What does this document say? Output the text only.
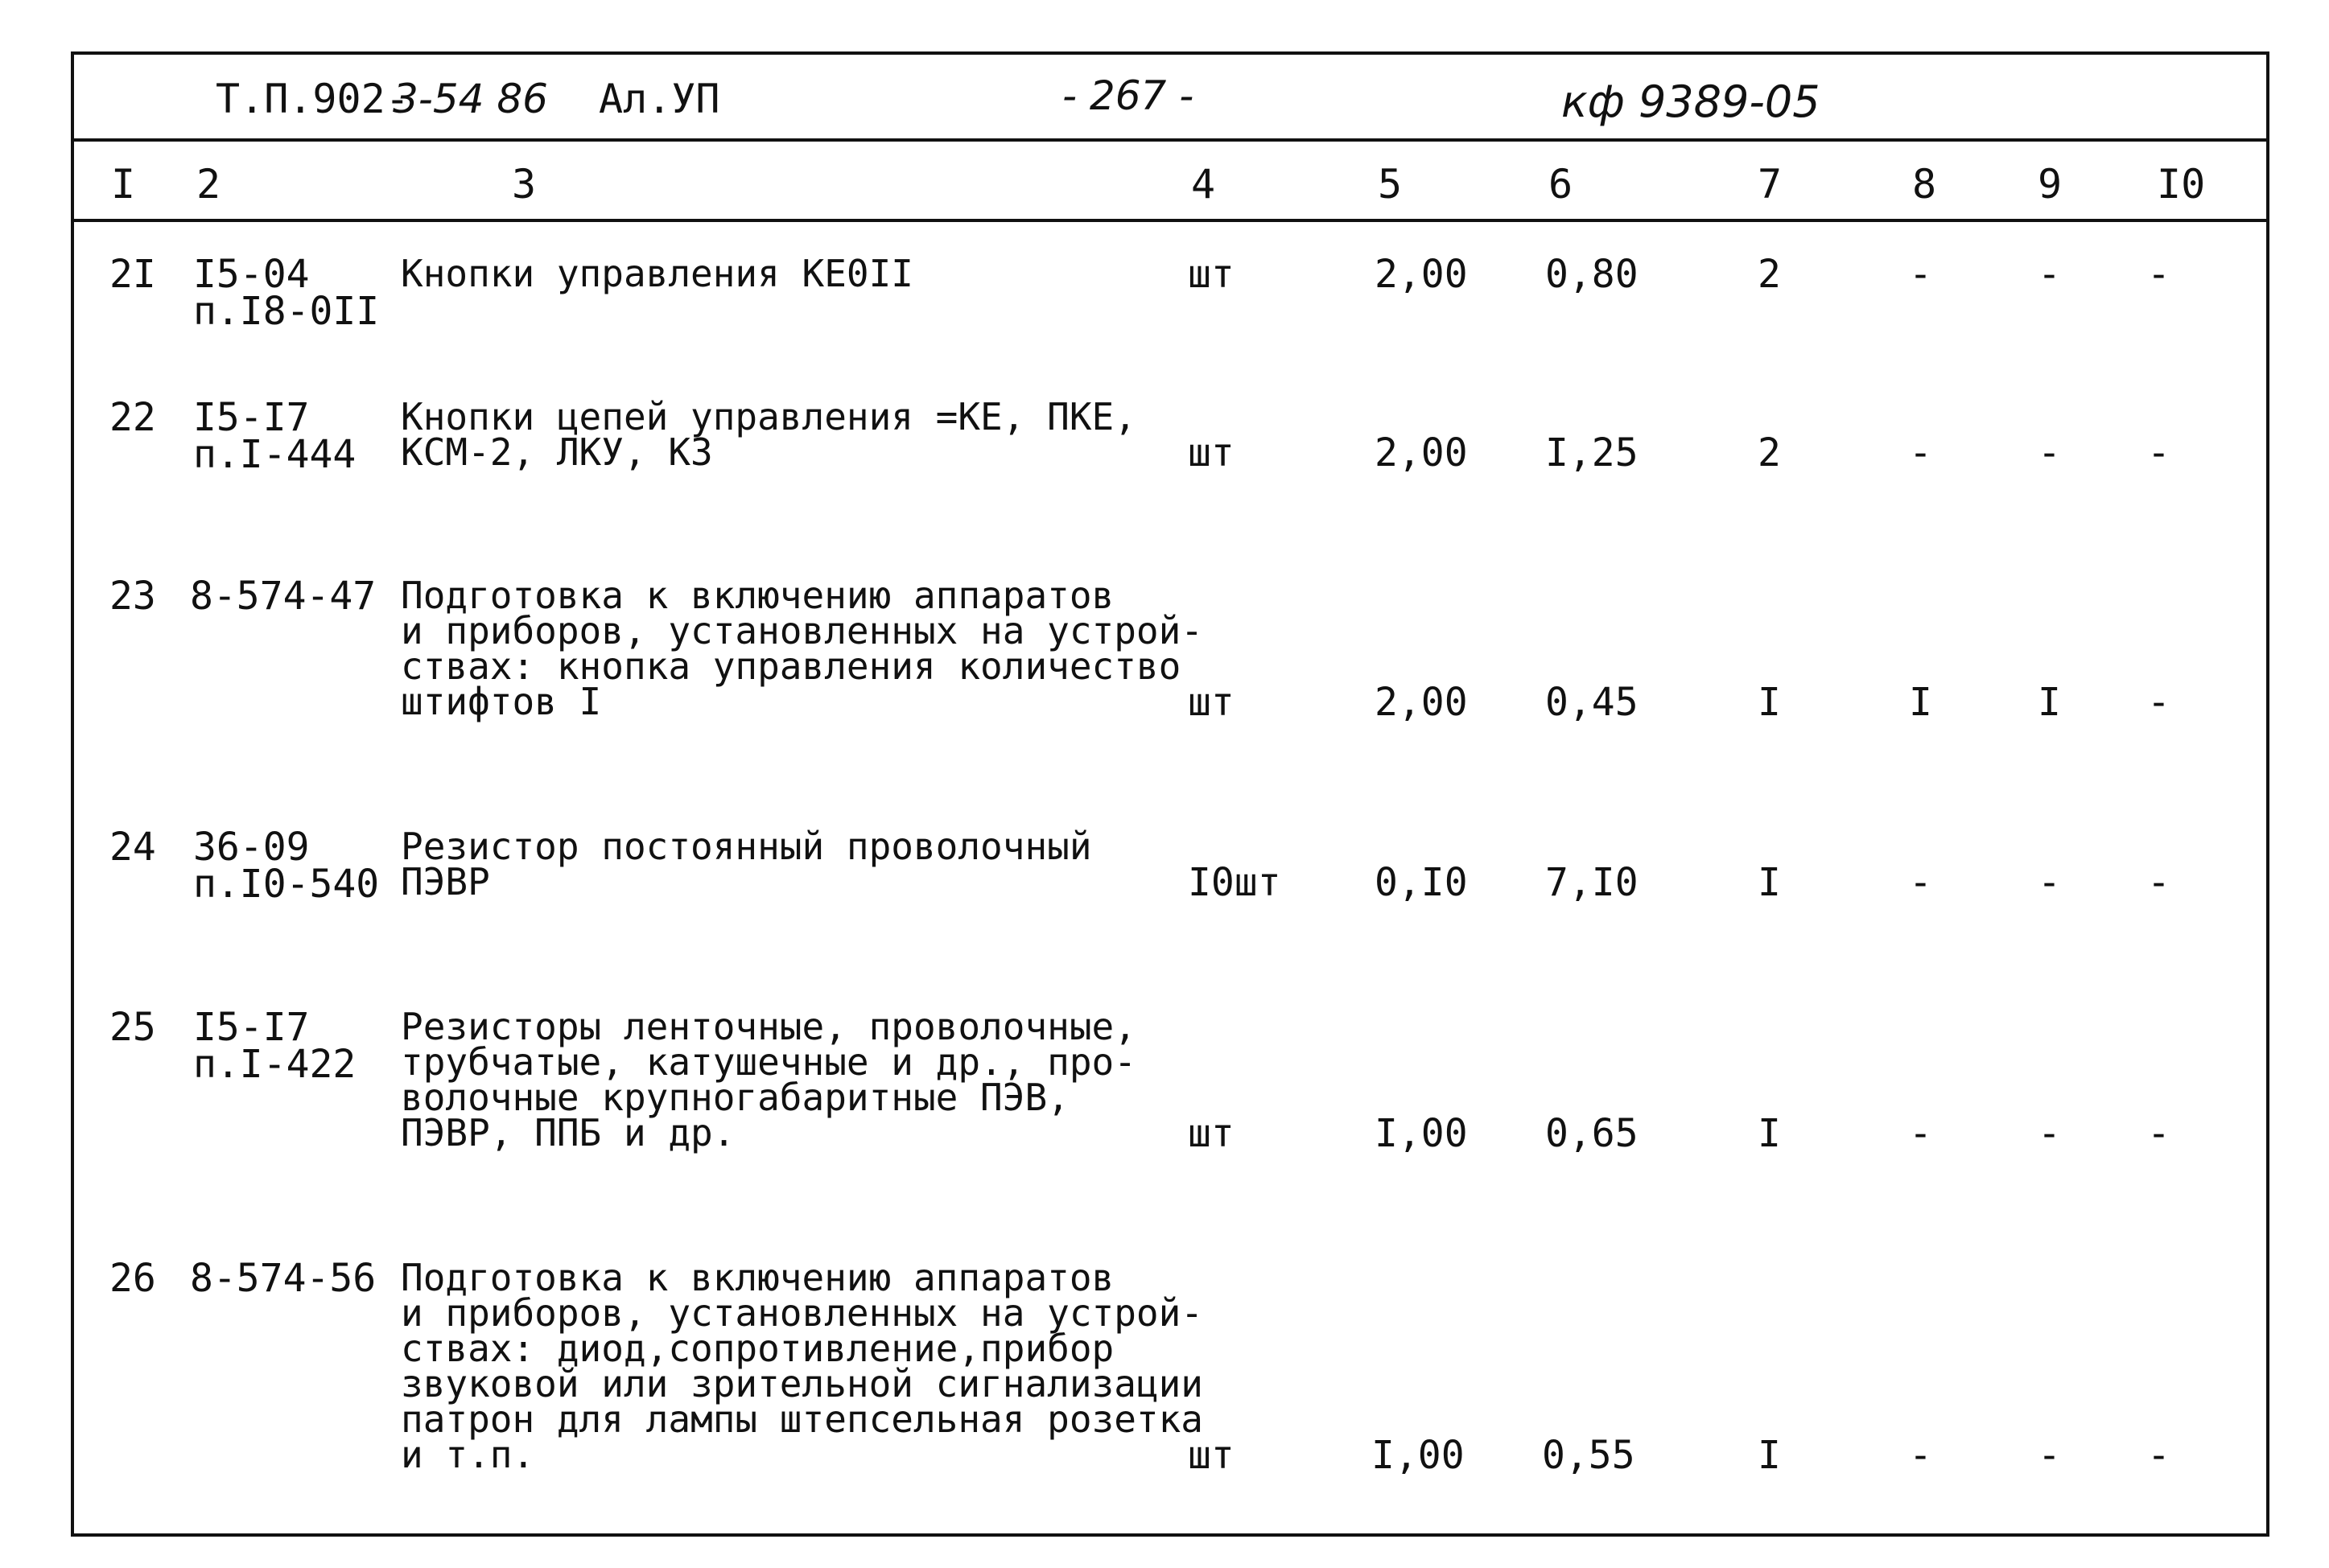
Т.П.902-
3-54 86 Ал.УП	- 267 -	кф 9389-05
I 2	3	4	5	6	7	8	9 I0
2I I5-04
п.I8-0II
Кнопки управления КЕ0II	шт	2,00 0,80	2	-	- -
22 I5-I7
п.I-444
Кнопки цепей управления =КЕ, ПКЕ,
КСМ-2, ЛКУ, КЗ	шт	2,00 I,25	2	-	- -
23 8-574-47 Подготовка к включению аппаратов
и приборов, установленных на устрой-
ствах: кнопка управления количество
штифтов I	шт	2,00 0,45	I	I	I -
24 36-09
п.I0-540
Резистор постоянный проволочный
ПЭВР	I0шт 0,I0 7,I0	I	-	- -
25 I5-I7
п.I-422
Резисторы ленточные, проволочные,
трубчатые, катушечные и др., про-
волочные крупногабаритные ПЭВ,
ПЭВР, ППБ и др.	шт	I,00 0,65	I	-	- -
26 8-574-56 Подготовка к включению аппаратов
и приборов, установленных на устрой-
ствах: диод,сопротивление,прибор
звуковой или зрительной сигнализации
патрон для лампы штепсельная розетка
и т.п.	шт	I,00 0,55	I	-	- -
